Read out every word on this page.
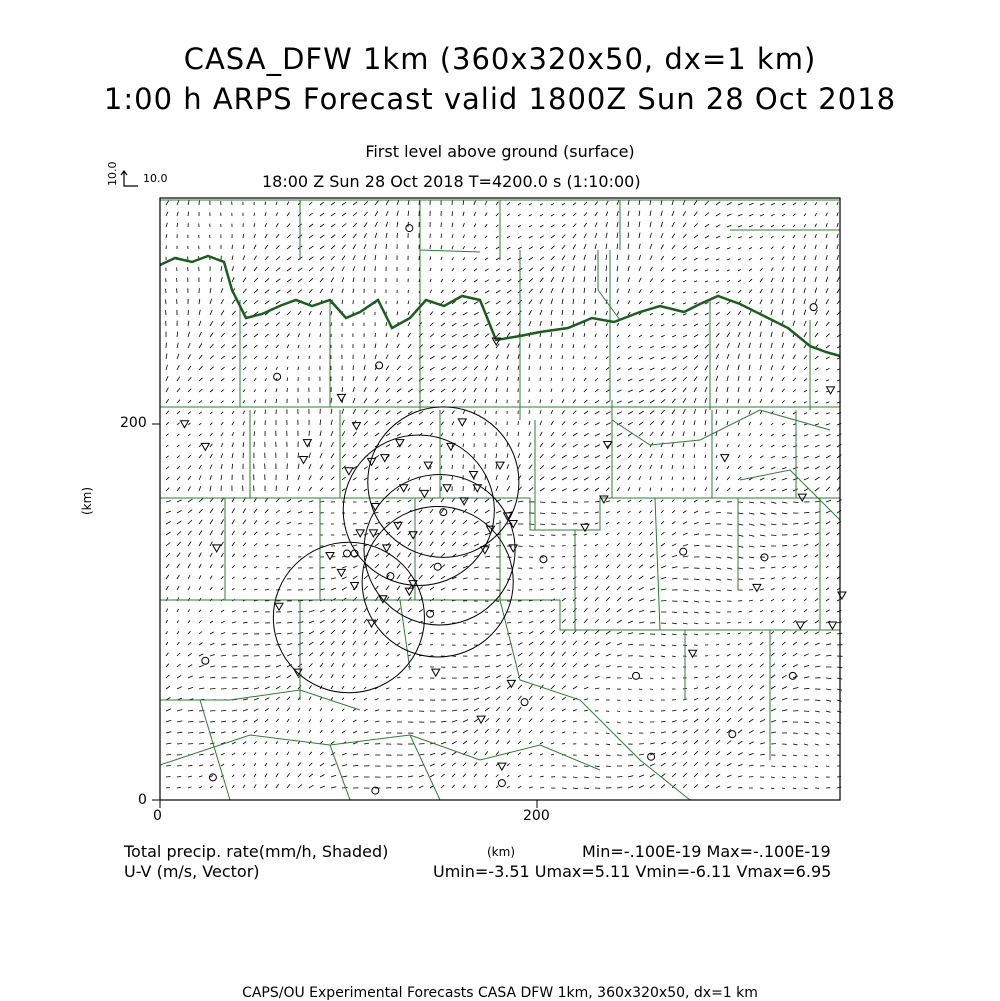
CASA_DFW 1km (360x320x50, dx=1 km)
1:00 h ARPS Forecast valid 1800Z Sun 28 Oct 2018
First level above ground (surface)
18:00 Z Sun 28 Oct 2018 T=4200.0 s (1:10:00)
10.0
10.0
200
0
0	200
(km)
(km)
Total precip. rate(mm/h, Shaded)
U-V (m/s, Vector)
Min=-.100E-19 Max=-.100E-19
Umin=-3.51 Umax=5.11 Vmin=-6.11 Vmax=6.95
CAPS/OU Experimental Forecasts CASA DFW 1km, 360x320x50, dx=1 km
